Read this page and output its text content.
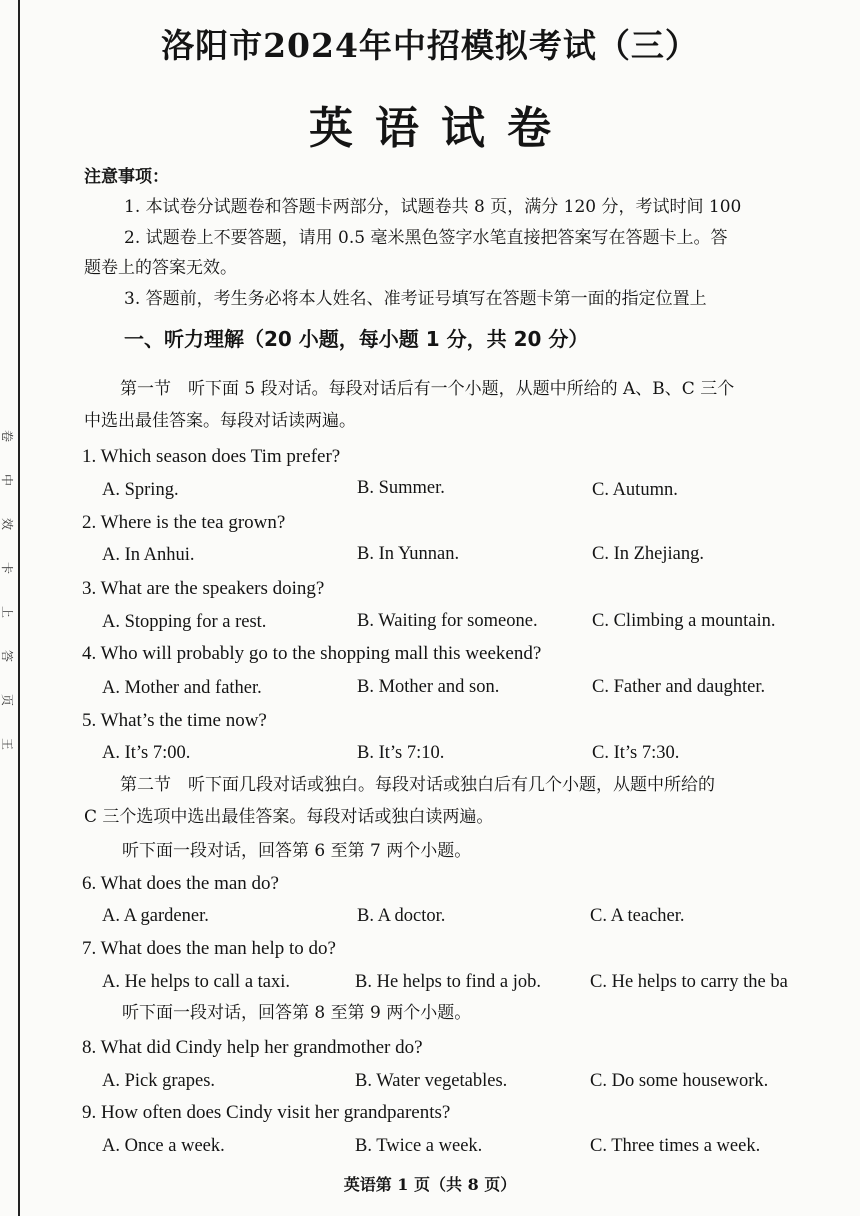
卷
中
效
卡
上
答
页
王
洛阳市2024年中招模拟考试（三）
英语试卷
注意事项：
1. 本试卷分试题卷和答题卡两部分，试题卷共 8 页，满分 120 分，考试时间 100
2. 试题卷上不要答题，请用 0.5 毫米黑色签字水笔直接把答案写在答题卡上。答
题卷上的答案无效。
3. 答题前，考生务必将本人姓名、准考证号填写在答题卡第一面的指定位置上
一、听力理解（20 小题，每小题 1 分，共 20 分）
第一节　听下面 5 段对话。每段对话后有一个小题，从题中所给的 A、B、C 三个
中选出最佳答案。每段对话读两遍。
1. Which season does Tim prefer?
A. Spring.	B. Summer.	C. Autumn.
2. Where is the tea grown?
A. In Anhui.	B. In Yunnan.	C. In Zhejiang.
3. What are the speakers doing?
A. Stopping for a rest.	B. Waiting for someone.	C. Climbing a mountain.
4. Who will probably go to the shopping mall this weekend?
A. Mother and father.	B. Mother and son.	C. Father and daughter.
5. What’s the time now?
A. It’s 7:00.	B. It’s 7:10.	C. It’s 7:30.
第二节　听下面几段对话或独白。每段对话或独白后有几个小题，从题中所给的
C 三个选项中选出最佳答案。每段对话或独白读两遍。
听下面一段对话，回答第 6 至第 7 两个小题。
6. What does the man do?
A. A gardener.	B. A doctor.	C. A teacher.
7. What does the man help to do?
A. He helps to call a taxi.	B. He helps to find a job.	C. He helps to carry the ba
听下面一段对话，回答第 8 至第 9 两个小题。
8. What did Cindy help her grandmother do?
A. Pick grapes.	B. Water vegetables.	C. Do some housework.
9. How often does Cindy visit her grandparents?
A. Once a week.	B. Twice a week.	C. Three times a week.
英语第 1 页（共 8 页）
